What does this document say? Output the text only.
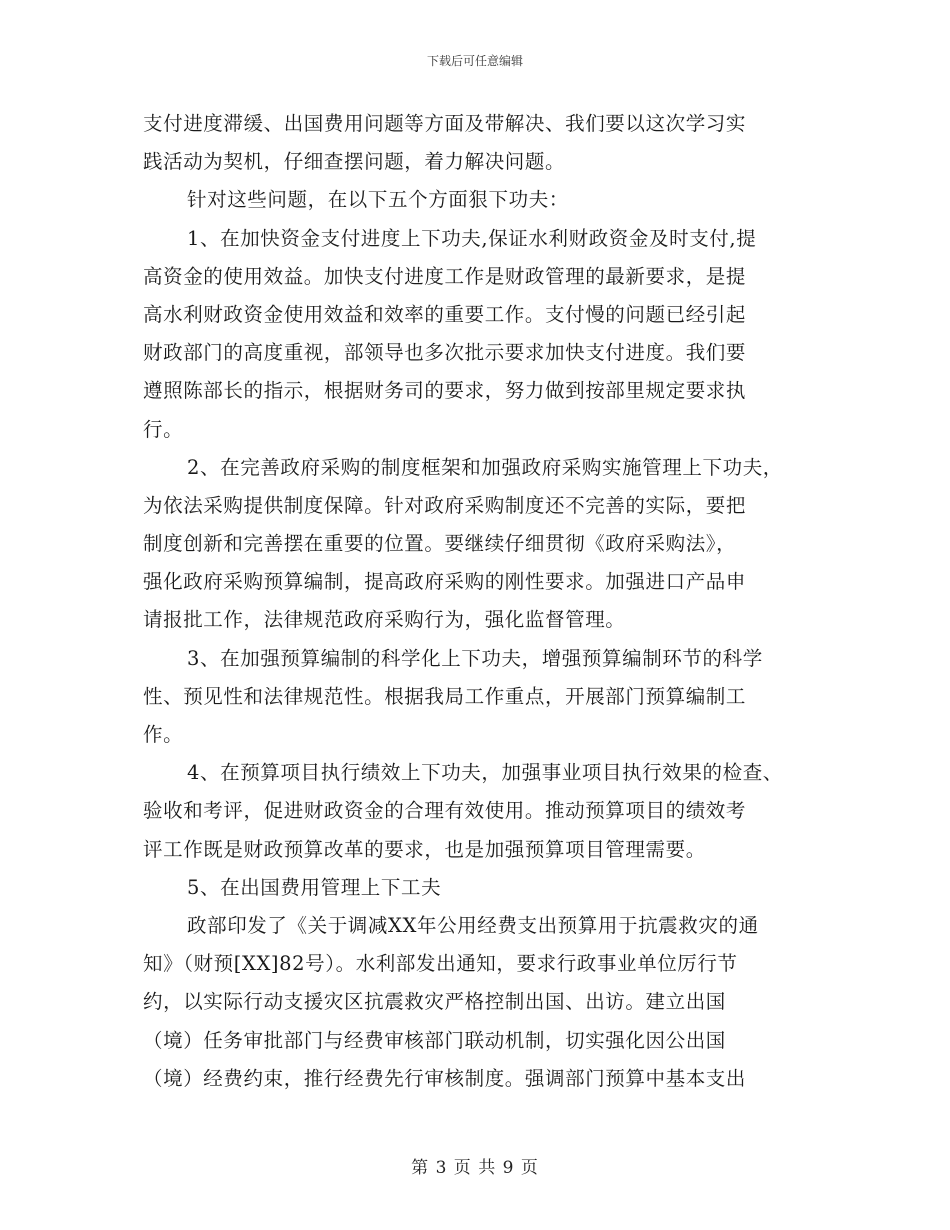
下载后可任意编辑
支付进度滞缓、出国费用问题等方面及带解决、我们要以这次学习实
践活动为契机，仔细查摆问题，着力解决问题。
针对这些问题，在以下五个方面狠下功夫：
1、在加快资金支付进度上下功夫,保证水利财政资金及时支付,提
高资金的使用效益。加快支付进度工作是财政管理的最新要求，是提
高水利财政资金使用效益和效率的重要工作。支付慢的问题已经引起
财政部门的高度重视，部领导也多次批示要求加快支付进度。我们要
遵照陈部长的指示，根据财务司的要求，努力做到按部里规定要求执
行。
2、在完善政府采购的制度框架和加强政府采购实施管理上下功夫，
为依法采购提供制度保障。针对政府采购制度还不完善的实际，要把
制度创新和完善摆在重要的位置。要继续仔细贯彻《政府采购法》，
强化政府采购预算编制，提高政府采购的刚性要求。加强进口产品申
请报批工作，法律规范政府采购行为，强化监督管理。
3、在加强预算编制的科学化上下功夫，增强预算编制环节的科学
性、预见性和法律规范性。根据我局工作重点，开展部门预算编制工
作。
4、在预算项目执行绩效上下功夫，加强事业项目执行效果的检查、
验收和考评，促进财政资金的合理有效使用。推动预算项目的绩效考
评工作既是财政预算改革的要求，也是加强预算项目管理需要。
5、在出国费用管理上下工夫
政部印发了《关于调减XX年公用经费支出预算用于抗震救灾的通
知》（财预[XX]82号）。水利部发出通知，要求行政事业单位厉行节
约，以实际行动支援灾区抗震救灾严格控制出国、出访。建立出国
（境）任务审批部门与经费审核部门联动机制，切实强化因公出国
（境）经费约束，推行经费先行审核制度。强调部门预算中基本支出
第 3 页 共 9 页
